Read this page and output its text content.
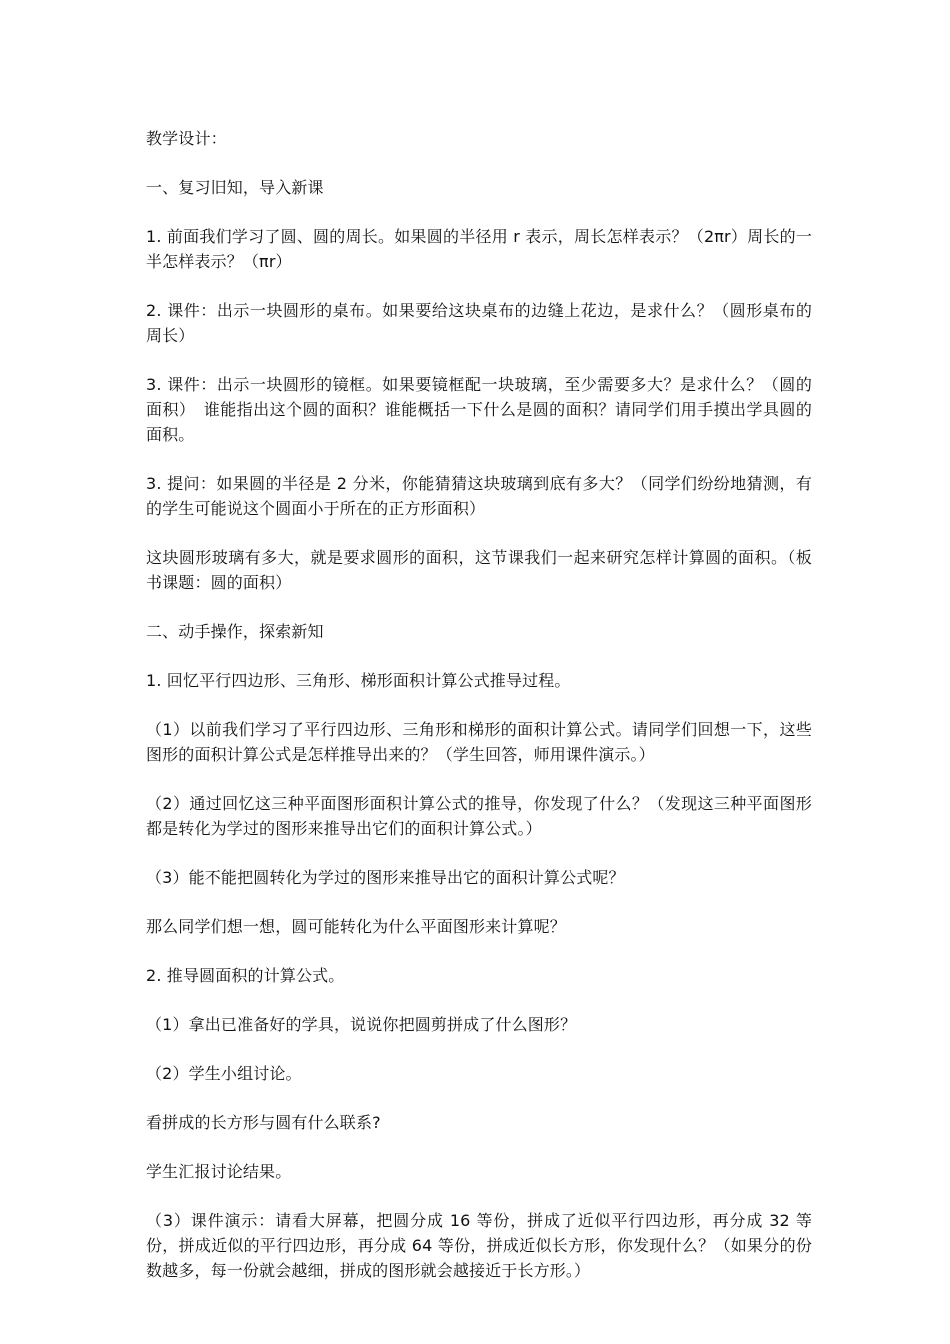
教学设计：

一、复习旧知，导入新课

1. 前面我们学习了圆、圆的周长。如果圆的半径用 r 表示，周长怎样表示？（2πr）周长的一半怎样表示？（πr）

2. 课件：出示一块圆形的桌布。如果要给这块桌布的边缝上花边，是求什么？（圆形桌布的周长）

3. 课件：出示一块圆形的镜框。如果要镜框配一块玻璃，至少需要多大？是求什么？（圆的面积）　谁能指出这个圆的面积？谁能概括一下什么是圆的面积？请同学们用手摸出学具圆的面积。

3. 提问：如果圆的半径是 2 分米，你能猜猜这块玻璃到底有多大？（同学们纷纷地猜测，有的学生可能说这个圆面小于所在的正方形面积）

这块圆形玻璃有多大，就是要求圆形的面积，这节课我们一起来研究怎样计算圆的面积。（板书课题：圆的面积）

二、动手操作，探索新知

1. 回忆平行四边形、三角形、梯形面积计算公式推导过程。

（1）以前我们学习了平行四边形、三角形和梯形的面积计算公式。请同学们回想一下，这些图形的面积计算公式是怎样推导出来的？（学生回答，师用课件演示。）

（2）通过回忆这三种平面图形面积计算公式的推导，你发现了什么？（发现这三种平面图形都是转化为学过的图形来推导出它们的面积计算公式。）

（3）能不能把圆转化为学过的图形来推导出它的面积计算公式呢？

那么同学们想一想，圆可能转化为什么平面图形来计算呢？

2. 推导圆面积的计算公式。

（1）拿出已准备好的学具，说说你把圆剪拼成了什么图形？

（2）学生小组讨论。

看拼成的长方形与圆有什么联系?

学生汇报讨论结果。

（3）课件演示：请看大屏幕，把圆分成 16 等份，拼成了近似平行四边形，再分成 32 等份，拼成近似的平行四边形，再分成 64 等份，拼成近似长方形，你发现什么？（如果分的份数越多，每一份就会越细，拼成的图形就会越接近于长方形。）
